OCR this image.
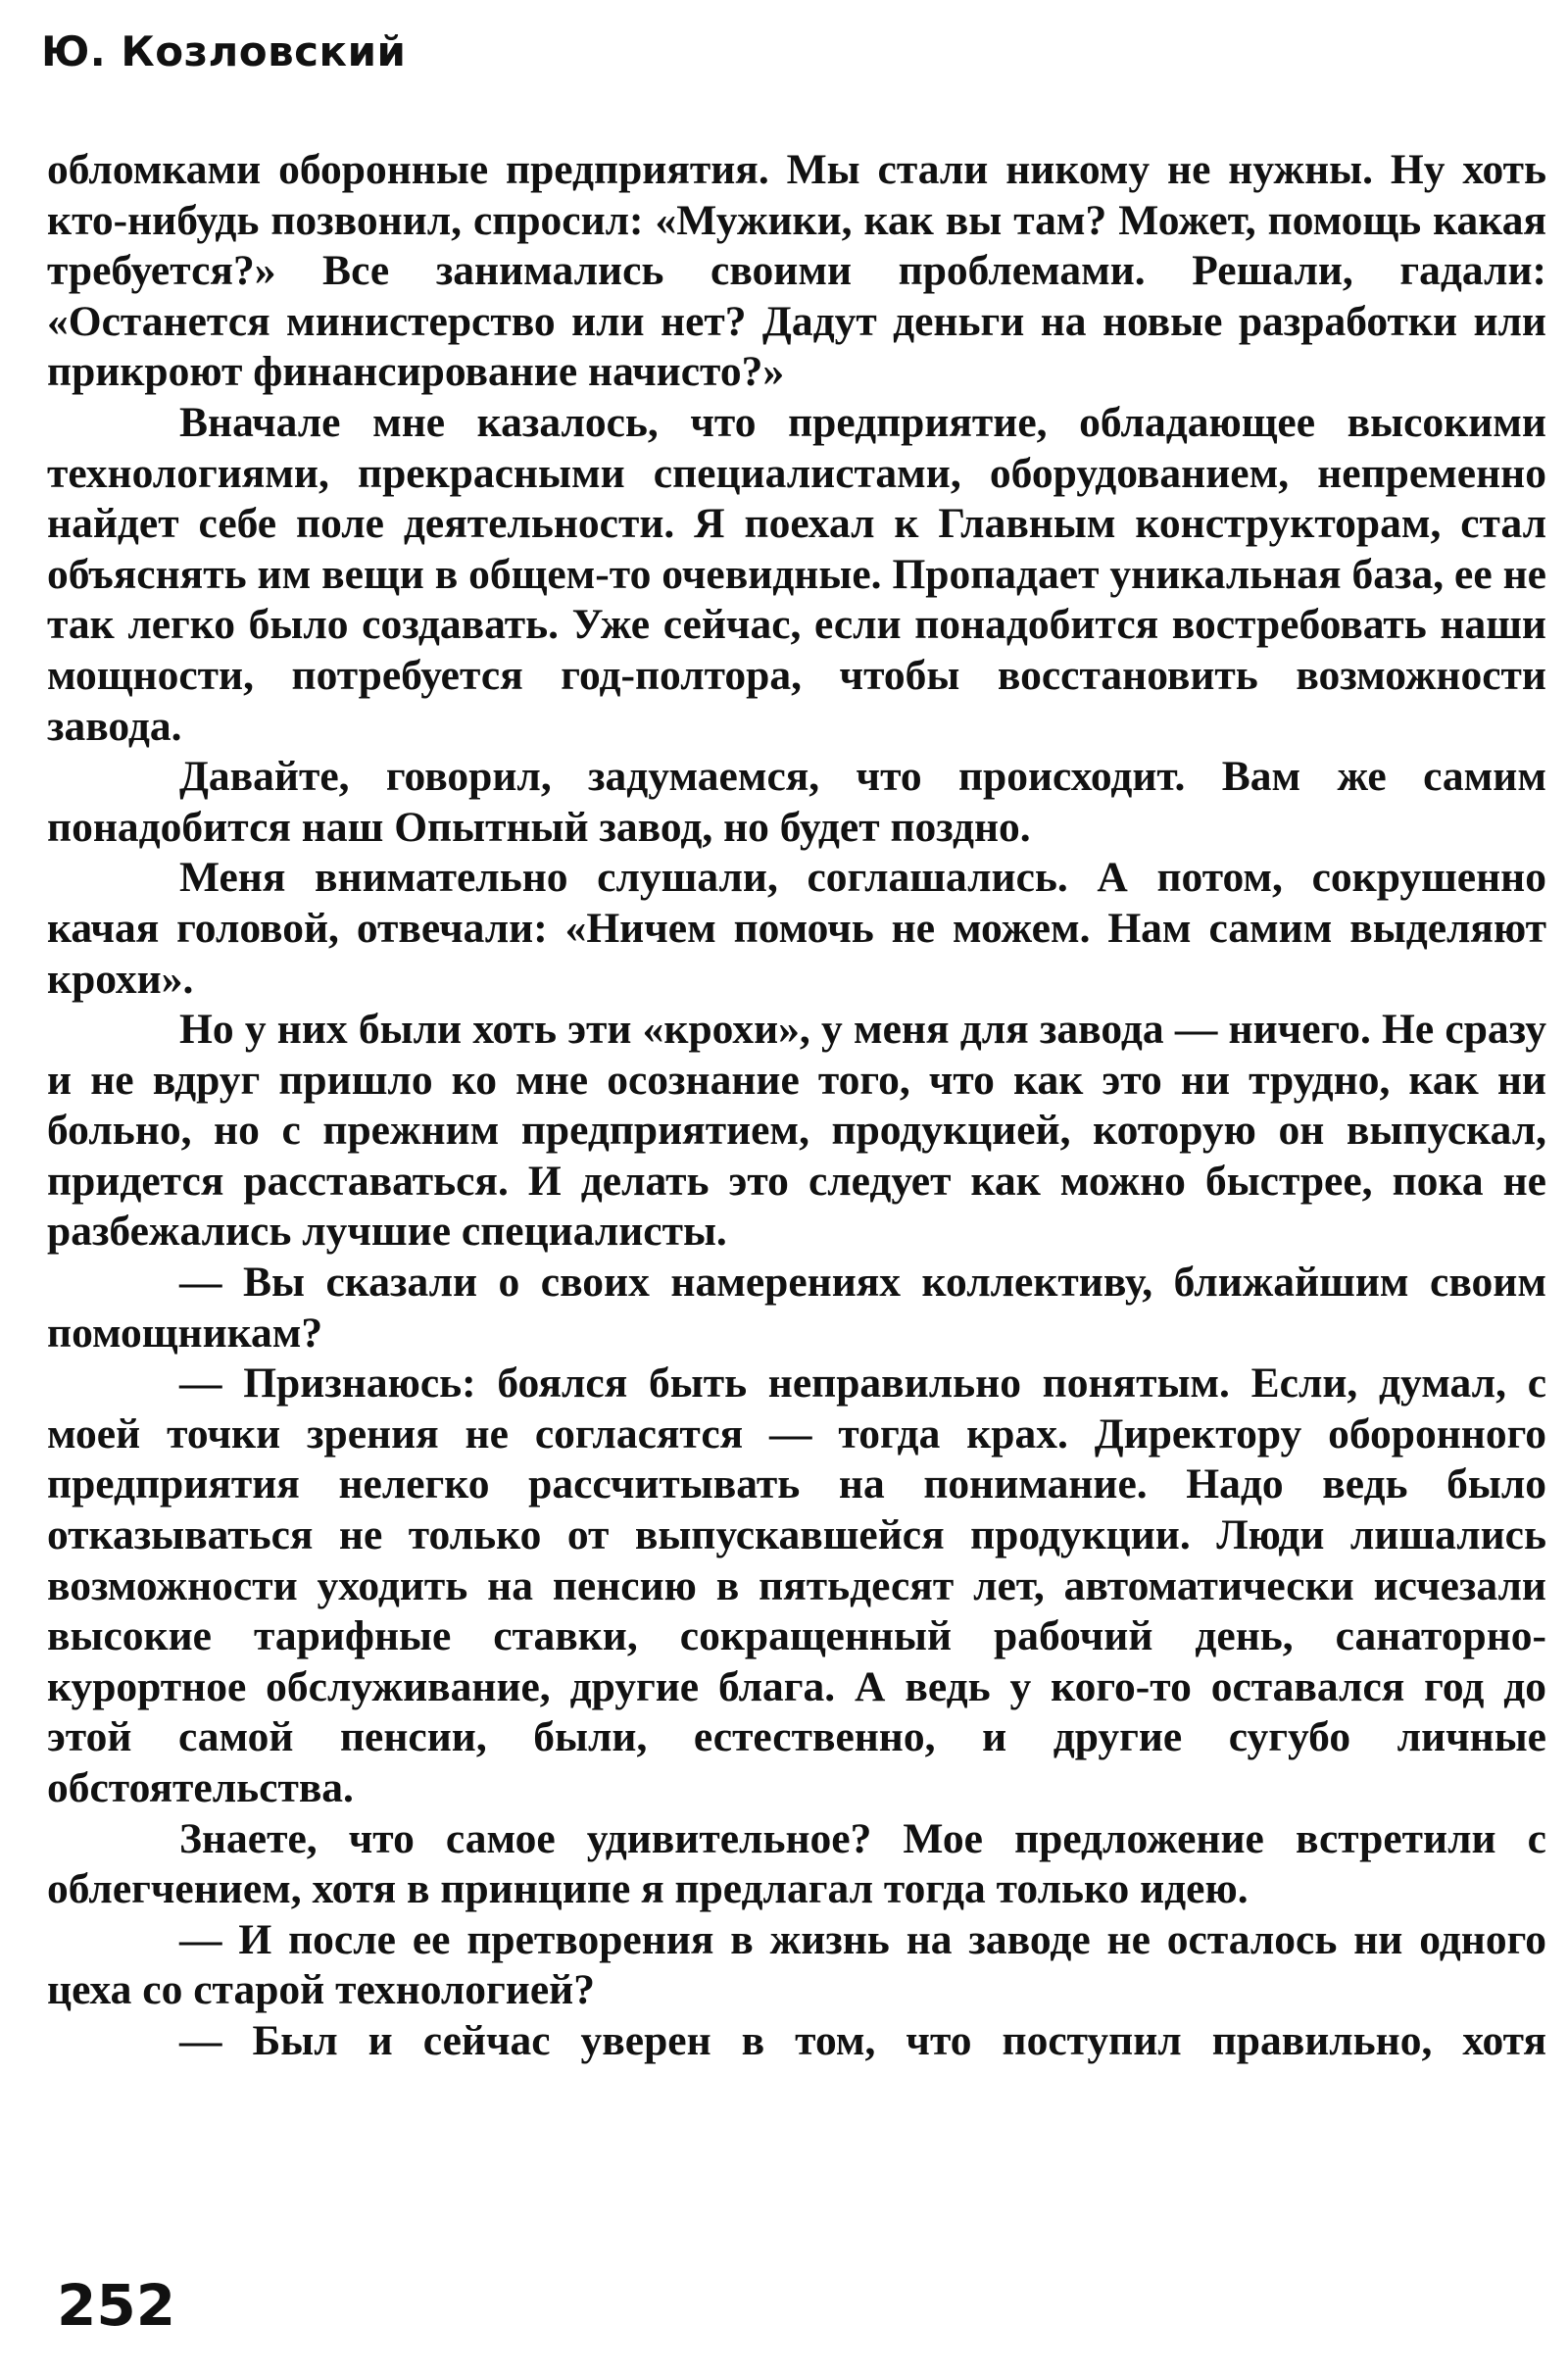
Ю. Козловский

обломками оборонные предприятия. Мы стали никому не нужны. Ну хоть кто-нибудь позвонил, спросил: «Мужики, как вы там? Может, помощь какая требуется?» Все занимались своими проблемами. Решали, гадали: «Останется министерство или нет? Дадут деньги на новые разработки или прикроют финансирование начисто?»

Вначале мне казалось, что предприятие, обладающее высокими технологиями, прекрасными специалистами, оборудованием, непременно найдет себе поле деятельности. Я поехал к Главным конструкторам, стал объяснять им вещи в общем-то очевидные. Пропадает уникальная база, ее не так легко было создавать. Уже сейчас, если понадобится востребовать наши мощности, потребуется год-полтора, чтобы восстановить возможности завода.

Давайте, говорил, задумаемся, что происходит. Вам же самим понадобится наш Опытный завод, но будет поздно.

Меня внимательно слушали, соглашались. А потом, сокрушенно качая головой, отвечали: «Ничем помочь не можем. Нам самим выделяют крохи».

Но у них были хоть эти «крохи», у меня для завода — ничего. Не сразу и не вдруг пришло ко мне осознание того, что как это ни трудно, как ни больно, но с прежним предприятием, продукцией, которую он выпускал, придется расставаться. И делать это следует как можно быстрее, пока не разбежались лучшие специалисты.

— Вы сказали о своих намерениях коллективу, ближайшим своим помощникам?

— Признаюсь: боялся быть неправильно понятым. Если, думал, с моей точки зрения не согласятся — тогда крах. Директору оборонного предприятия нелегко рассчитывать на понимание. Надо ведь было отказываться не только от выпускавшейся продукции. Люди лишались возможности уходить на пенсию в пятьдесят лет, автоматически исчезали высокие тарифные ставки, сокращенный рабочий день, санаторно-курортное обслуживание, другие блага. А ведь у кого-то оставался год до этой самой пенсии, были, естественно, и другие сугубо личные обстоятельства.

Знаете, что самое удивительное? Мое предложение встретили с облегчением, хотя в принципе я предлагал тогда только идею.

— И после ее претворения в жизнь на заводе не осталось ни одного цеха со старой технологией?

— Был и сейчас уверен в том, что поступил правильно, хотя

252
